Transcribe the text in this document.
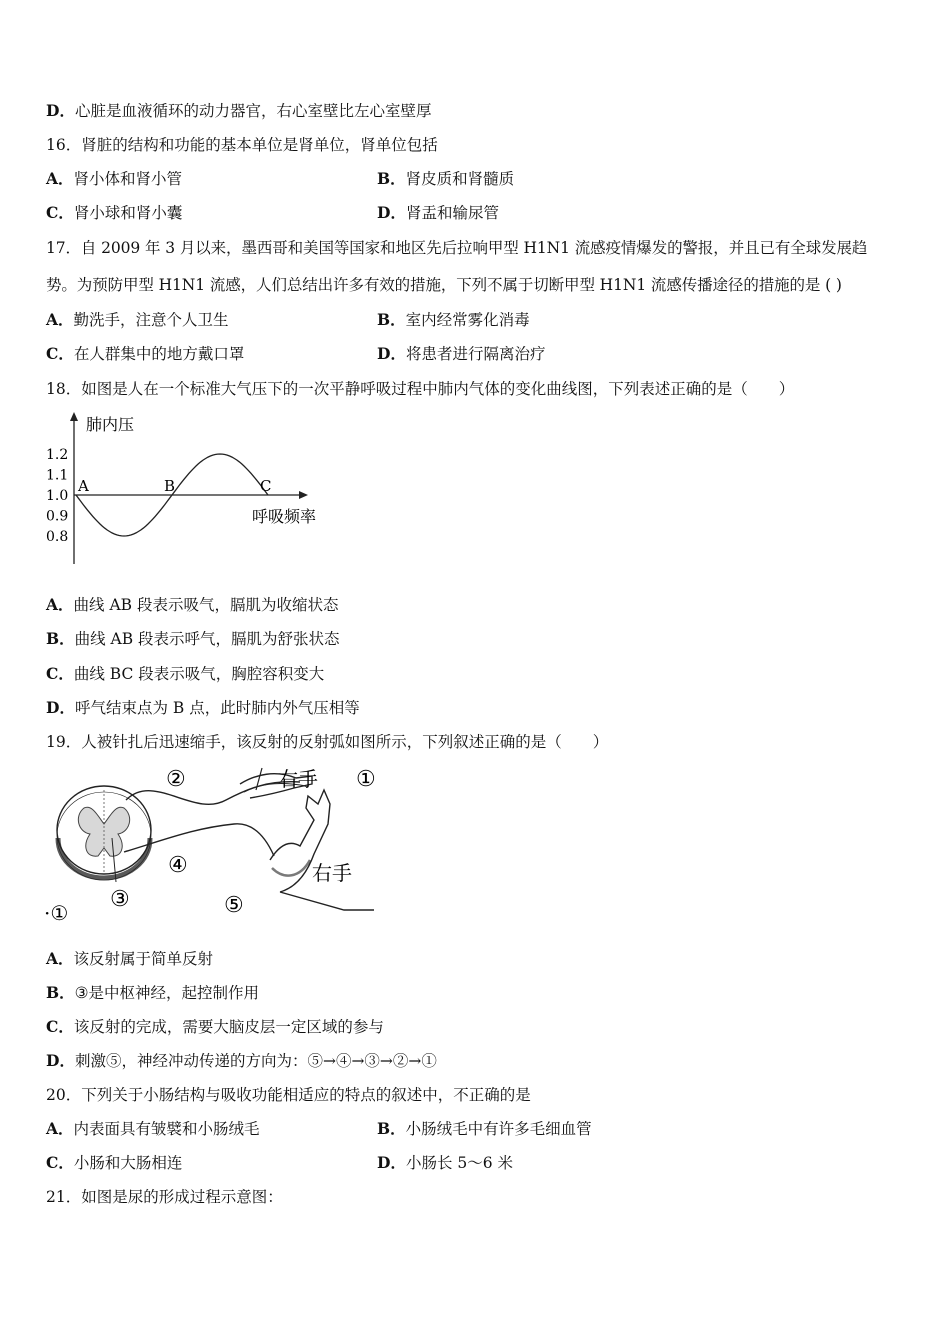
D．心脏是血液循环的动力器官，右心室壁比左心室壁厚
16．肾脏的结构和功能的基本单位是肾单位，肾单位包括
A．肾小体和肾小管	B．肾皮质和肾髓质
C．肾小球和肾小囊	D．肾盂和输尿管
17．自 2009 年 3 月以来，墨西哥和美国等国家和地区先后拉响甲型 H1N1 流感疫情爆发的警报，并且已有全球发展趋
势。为预防甲型 H1N1 流感，人们总结出许多有效的措施，下列不属于切断甲型 H1N1 流感传播途径的措施的是 ( )
A．勤洗手，注意个人卫生	B．室内经常雾化消毒
C．在人群集中的地方戴口罩	D．将患者进行隔离治疗
18．如图是人在一个标准大气压下的一次平静呼吸过程中肺内气体的变化曲线图，下列表述正确的是（　　）
肺内压
呼吸频率
1.2
1.1
1.0
0.9
0.8
A	B	C
A．曲线 AB 段表示吸气，膈肌为收缩状态
B．曲线 AB 段表示呼气，膈肌为舒张状态
C．曲线 BC 段表示吸气，胸腔容积变大
D．呼气结束点为 B 点，此时肺内外气压相等
19．人被针扎后迅速缩手，该反射的反射弧如图所示，下列叙述正确的是（　　）
右手
右手
①
②
③
④
⑤
·①
A．该反射属于简单反射
B．③是中枢神经，起控制作用
C．该反射的完成，需要大脑皮层一定区域的参与
D．刺激⑤，神经冲动传递的方向为：⑤→④→③→②→①
20．下列关于小肠结构与吸收功能相适应的特点的叙述中，不正确的是
A．内表面具有皱襞和小肠绒毛	B．小肠绒毛中有许多毛细血管
C．小肠和大肠相连	D．小肠长 5～6 米
21．如图是尿的形成过程示意图：
